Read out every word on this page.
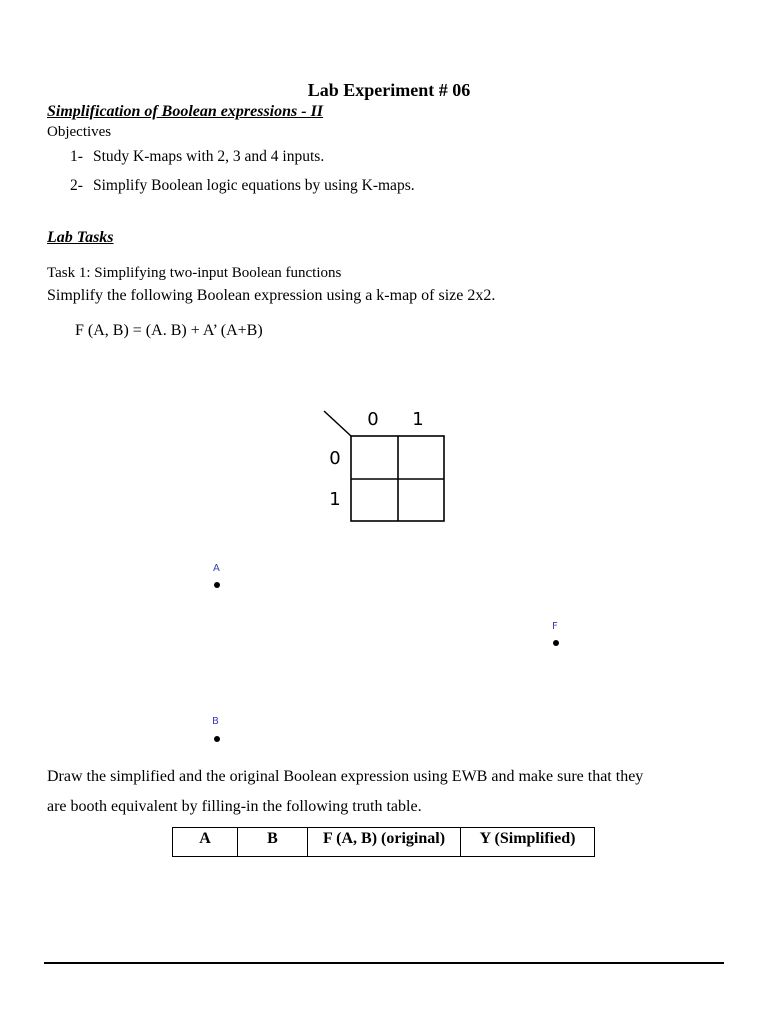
Lab Experiment # 06
Simplification of Boolean expressions - II
Objectives
1- Study K-maps with 2, 3 and 4 inputs.
2- Simplify Boolean logic equations by using K-maps.
Lab Tasks
Task 1: Simplifying two-input Boolean functions
Simplify the following Boolean expression using a k-map of size 2x2.
F (A, B) = (A. B) + A’ (A+B)
0 1
0
1
A
F
B
Draw the simplified and the original Boolean expression using EWB and make sure that they
are booth equivalent by filling-in the following truth table.
A	B	F (A, B) (original)	Y (Simplified)
